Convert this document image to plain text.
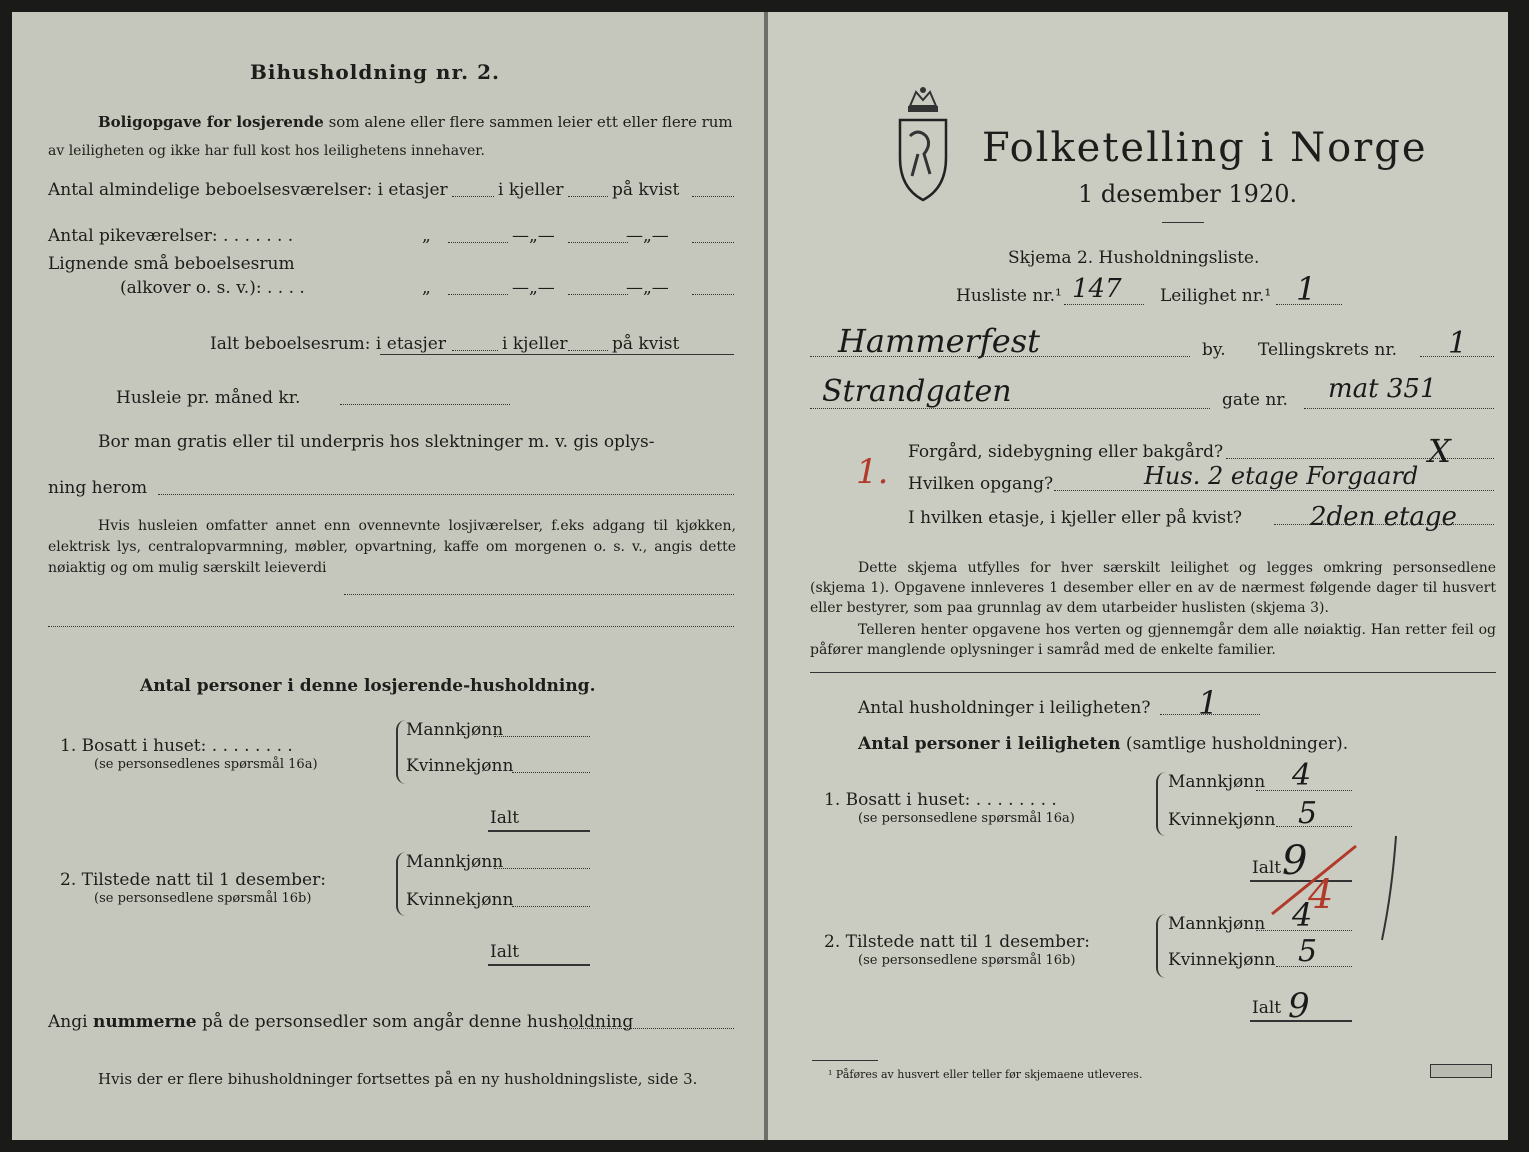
Bihusholdning nr. 2.
Boligopgave for losjerende som alene eller flere sammen leier ett eller flere rum
av leiligheten og ikke har full kost hos leilighetens innehaver.
Antal almindelige beboelsesværelser: i etasjer	i kjeller	på kvist
Antal pikeværelser: . . . . . . .	„	—„—	—„—
Lignende små beboelsesrum
(alkover o. s. v.): . . . .	„	—„—	—„—
Ialt beboelsesrum: i etasjer	i kjeller	på kvist
Husleie pr. måned kr.
Bor man gratis eller til underpris hos slektninger m. v. gis oplys-
ning herom
Hvis husleien omfatter annet enn ovennevnte losjiværelser, f.eks adgang til kjøkken, elektrisk lys, centralopvarmning, møbler, opvartning, kaffe om morgenen o. s. v., angis dette nøiaktig og om mulig særskilt leieverdi
Antal personer i denne losjerende-husholdning.
1. Bosatt i huset: . . . . . . . .
(se personsedlenes spørsmål 16a)
Mannkjønn
Kvinnekjønn
Ialt
2. Tilstede natt til 1 desember:
(se personsedlene spørsmål 16b)
Mannkjønn
Kvinnekjønn
Ialt
Angi nummerne på de personsedler som angår denne husholdning
Hvis der er flere bihusholdninger fortsettes på en ny husholdningsliste, side 3.
Folketelling i Norge
1 desember 1920.
Skjema 2. Husholdningsliste.
Husliste nr.¹ 147 Leilighet nr.¹ 1
Hammerfest	by. Tellingskrets nr. 1
Strandgaten	gate nr. mat 351
1. Forgård, sidebygning eller bakgård?	X
Hvilken opgang?	Hus. 2 etage Forgaard
I hvilken etasje, i kjeller eller på kvist?	2den etage
Dette skjema utfylles for hver særskilt leilighet og legges omkring personsedlene (skjema 1). Opgavene innleveres 1 desember eller en av de nærmest følgende dager til husvert eller bestyrer, som paa grunnlag av dem utarbeider huslisten (skjema 3).
Telleren henter opgavene hos verten og gjennemgår dem alle nøiaktig. Han retter feil og påfører manglende oplysninger i samråd med de enkelte familier.
Antal husholdninger i leiligheten? 1
Antal personer i leiligheten (samtlige husholdninger).
1. Bosatt i huset: . . . . . . . .
(se personsedlene spørsmål 16a)
Mannkjønn 4
Kvinnekjønn 5
Ialt 9
4
2. Tilstede natt til 1 desember:
(se personsedlene spørsmål 16b)
Mannkjønn 4
Kvinnekjønn 5
Ialt 9
¹ Påføres av husvert eller teller før skjemaene utleveres.
